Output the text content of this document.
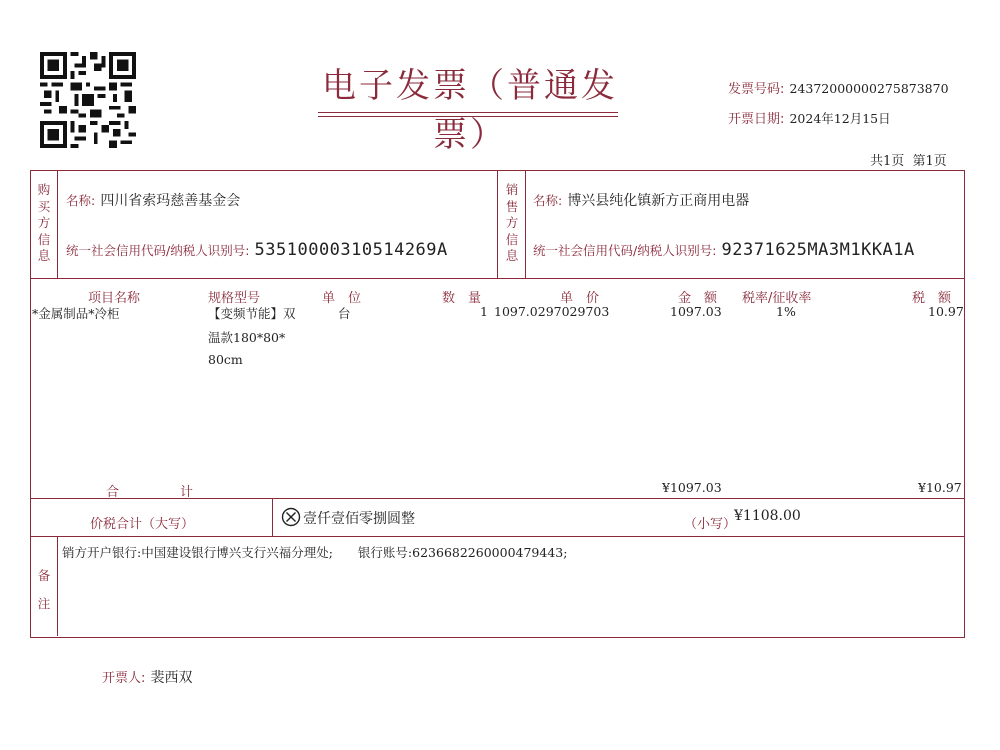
电子发票（普通发票）
发票号码: 24372000000275873870
开票日期: 2024年12月15日
共1页  第1页
购买方信息
销售方信息
名称: 四川省索玛慈善基金会
统一社会信用代码/纳税人识别号: 53510000310514269A
名称: 博兴县纯化镇新方正商用电器
统一社会信用代码/纳税人识别号: 92371625MA3M1KKA1A
项目名称	规格型号	单　位	数　量	单　价	金　额 税率/征收率	税　额
*金属制品*冷柜	【变频节能】双
温款180*80*
80cm
台	1 1097.0297029703	1097.03	1%	10.97
合	计	¥1097.03	¥10.97
价税合计（大写）	壹仟壹佰零捌圆整	（小写）
¥1108.00
备注
销方开户银行:中国建设银行博兴支行兴福分理处;　　银行账号:6236682260000479443;
开票人: 裴西双
